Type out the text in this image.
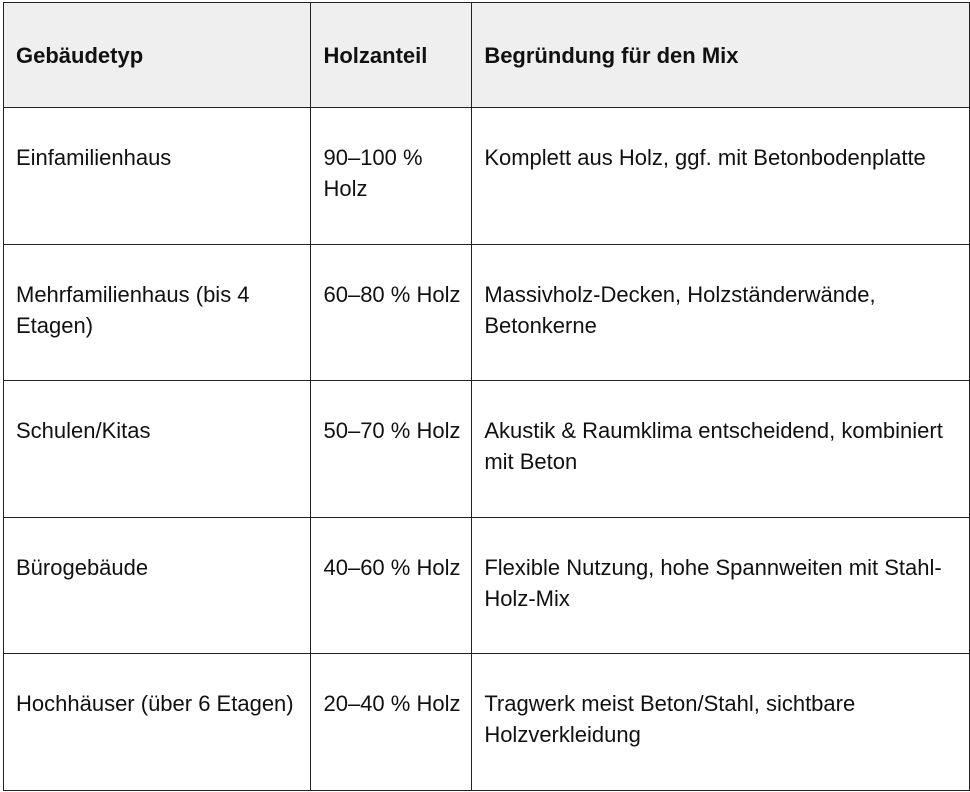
Gebäudetyp	Holzanteil	Begründung für den Mix
Einfamilienhaus	90–100 % Holz	Komplett aus Holz, ggf. mit Betonbodenplatte
Mehrfamilienhaus (bis 4 Etagen)	60–80 % Holz	Massivholz-Decken, Holzständerwände, Betonkerne
Schulen/Kitas	50–70 % Holz	Akustik & Raumklima entscheidend, kombiniert mit Beton
Bürogebäude	40–60 % Holz	Flexible Nutzung, hohe Spannweiten mit Stahl-Holz-Mix
Hochhäuser (über 6 Etagen)	20–40 % Holz	Tragwerk meist Beton/Stahl, sichtbare Holzverkleidung
